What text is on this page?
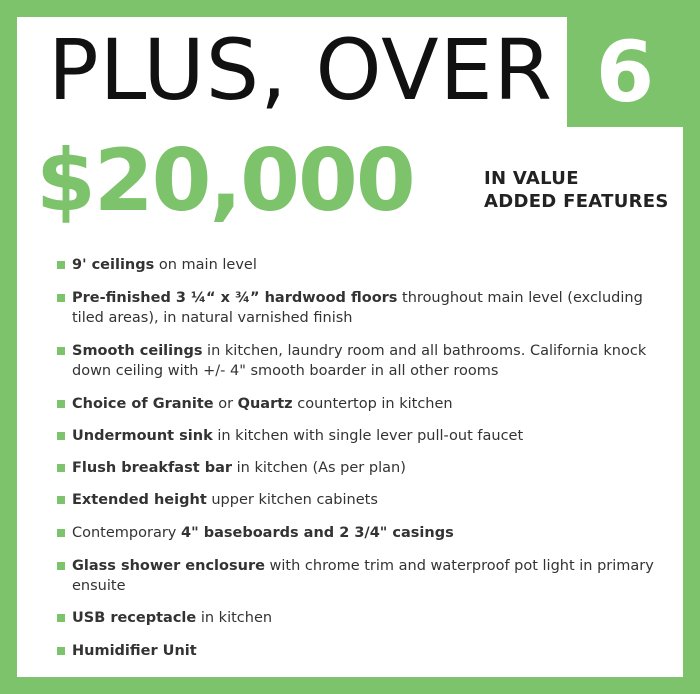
6
PLUS, OVER
$20,000	IN VALUE
ADDED FEATURES
9' ceilings on main level
Pre-finished 3 ¼“ x ¾” hardwood floors throughout main level (excluding tiled areas), in natural varnished finish
Smooth ceilings in kitchen, laundry room and all bathrooms. California knock down ceiling with +/- 4" smooth boarder in all other rooms
Choice of Granite or Quartz countertop in kitchen
Undermount sink in kitchen with single lever pull-out faucet
Flush breakfast bar in kitchen (As per plan)
Extended height upper kitchen cabinets
Contemporary 4" baseboards and 2 3/4" casings
Glass shower enclosure with chrome trim and waterproof pot light in primary ensuite
USB receptacle in kitchen
Humidifier Unit
